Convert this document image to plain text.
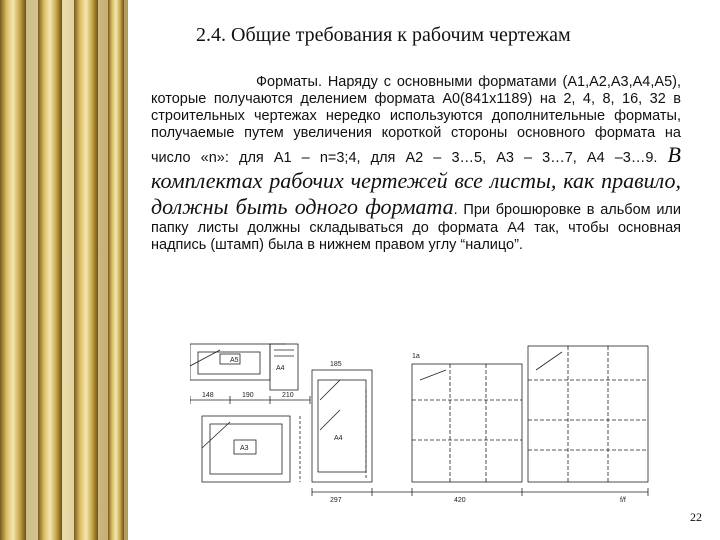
2.4. Общие требования к рабочим чертежам
Форматы. Наряду с основными форматами (А1,А2,А3,А4,А5), которые получаются делением формата А0(841х1189) на 2, 4, 8, 16, 32 в строительных чертежах нередко используются дополнительные форматы, получаемые путем увеличения короткой стороны основного формата на число «n»: для А1 – n=3;4, для А2 – 3…5, А3 – 3…7, А4 –3…9. В комплектах рабочих чертежей все листы, как правило, должны быть одного формата. При брошюровке в альбом или папку листы должны складываться до формата А4 так, чтобы основная надпись (штамп) была в нижнем правом углу “налицо”.
А5
А4
148	190	210
А3
185
А4
1а
297	420	f/f
22
